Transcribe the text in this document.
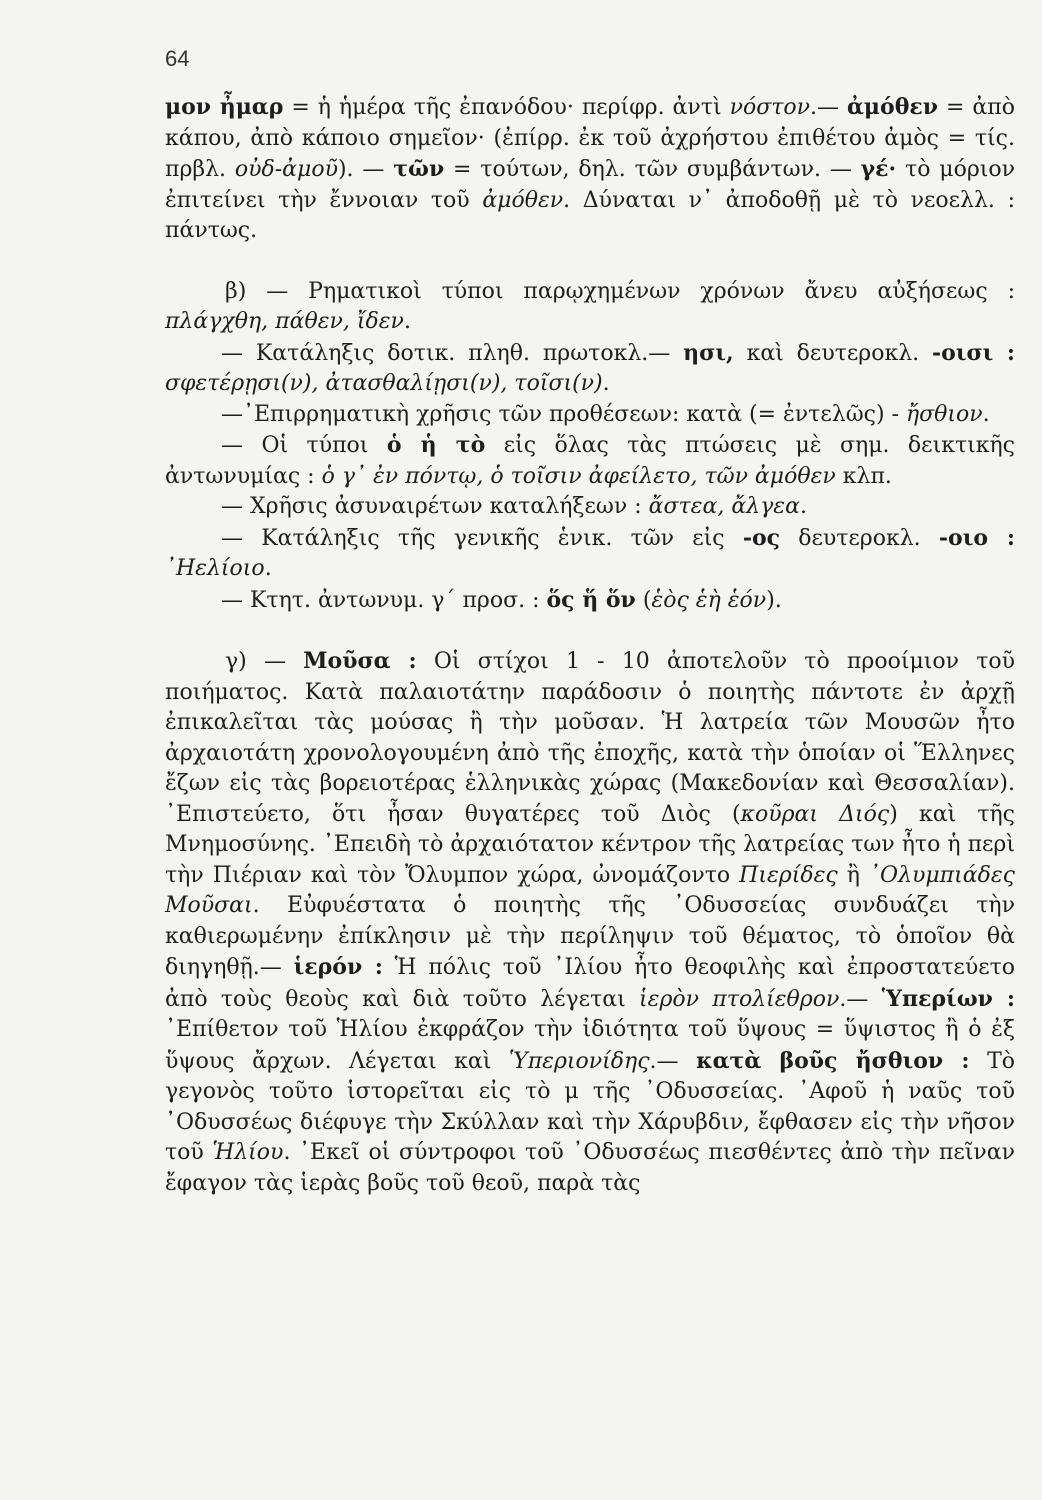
64

μον ἦμαρ = ἡ ἡμέρα τῆς ἐπανόδου· περίφρ. ἀντὶ νόστον.— ἀμόθεν = ἀπὸ κάπου, ἀπὸ κάποιο σημεῖον· (ἐπίρρ. ἐκ τοῦ ἀχρήστου ἐπιθέτου ἀμὸς = τίς. πρβλ. οὐδ-ἀμοῦ). — τῶν = τούτων, δηλ. τῶν συμβάντων. — γέ· τὸ μόριον ἐπιτείνει τὴν ἔννοιαν τοῦ ἀμόθεν. Δύναται ν᾽ ἀποδοθῇ μὲ τὸ νεοελλ. : πάντως.

β) — Ρηματικοὶ τύποι παρῳχημένων χρόνων ἄνευ αὐξήσεως : πλάγχθη, πάθεν, ἴδεν.

— Κατάληξις δοτικ. πληθ. πρωτοκλ.— ησι, καὶ δευτεροκλ. -οισι : σφετέρῃσι(ν), ἀτασθαλίῃσι(ν), τοῖσι(ν).

—᾽Επιρρηματικὴ χρῆσις τῶν προθέσεων: κατὰ (= ἐντελῶς) - ἤσθιον.

— Οἱ τύποι ὁ ἡ τὸ εἰς ὅλας τὰς πτώσεις μὲ σημ. δεικτικῆς ἀντωνυμίας : ὁ γ᾽ ἐν πόντῳ, ὁ τοῖσιν ἀφείλετο, τῶν ἀμόθεν κλπ.

— Χρῆσις ἀσυναιρέτων καταλήξεων : ἄστεα, ἄλγεα.

— Κατάληξις τῆς γενικῆς ἑνικ. τῶν εἰς -ος δευτεροκλ. -οιο : ᾽Ηελίοιο.

— Κτητ. ἀντωνυμ. γ´ προσ. : ὅς ἥ ὅν (ἑὸς ἑὴ ἑόν).

γ) — Μοῦσα : Οἱ στίχοι 1 - 10 ἀποτελοῦν τὸ προοίμιον τοῦ ποιήματος. Κατὰ παλαιοτάτην παράδοσιν ὁ ποιητὴς πάντοτε ἐν ἀρχῇ ἐπικαλεῖται τὰς μούσας ἢ τὴν μοῦσαν. Ἡ λατρεία τῶν Μουσῶν ἦτο ἀρχαιοτάτη χρονολογουμένη ἀπὸ τῆς ἐποχῆς, κατὰ τὴν ὁποίαν οἱ Ἕλληνες ἔζων εἰς τὰς βορειοτέρας ἑλληνικὰς χώρας (Μακεδονίαν καὶ Θεσσαλίαν). ᾽Επιστεύετο, ὅτι ἦσαν θυγατέρες τοῦ Διὸς (κοῦραι Διός) καὶ τῆς Μνημοσύνης. ᾽Επειδὴ τὸ ἀρχαιότατον κέντρον τῆς λατρείας των ἦτο ἡ περὶ τὴν Πιέριαν καὶ τὸν Ὄλυμπον χώρα, ὠνομάζοντο Πιερίδες ἢ ᾽Ολυμπιάδες Μοῦσαι. Εὐφυέστατα ὁ ποιητὴς τῆς ᾽Οδυσσείας συνδυάζει τὴν καθιερωμένην ἐπίκλησιν μὲ τὴν περίληψιν τοῦ θέματος, τὸ ὁποῖον θὰ διηγηθῇ.— ἱερόν : Ἡ πόλις τοῦ ᾽Ιλίου ἦτο θεοφιλὴς καὶ ἐπροστατεύετο ἀπὸ τοὺς θεοὺς καὶ διὰ τοῦτο λέγεται ἱερὸν πτολίεθρον.— Ὑπερίων : ᾽Επίθετον τοῦ Ἡλίου ἐκφράζον τὴν ἰδιότητα τοῦ ὕψους = ὕψιστος ἢ ὁ ἐξ ὕψους ἄρχων. Λέγεται καὶ Ὑπεριονίδης.— κατὰ βοῦς ἤσθιον : Τὸ γεγονὸς τοῦτο ἱστορεῖται εἰς τὸ μ τῆς ᾽Οδυσσείας. ᾽Αφοῦ ἡ ναῦς τοῦ ᾽Οδυσσέως διέφυγε τὴν Σκύλλαν καὶ τὴν Χάρυβδιν, ἔφθασεν εἰς τὴν νῆσον τοῦ Ἡλίου. ᾽Εκεῖ οἱ σύντροφοι τοῦ ᾽Οδυσσέως πιεσθέντες ἀπὸ τὴν πεῖναν ἔφαγον τὰς ἱερὰς βοῦς τοῦ θεοῦ, παρὰ τὰς
